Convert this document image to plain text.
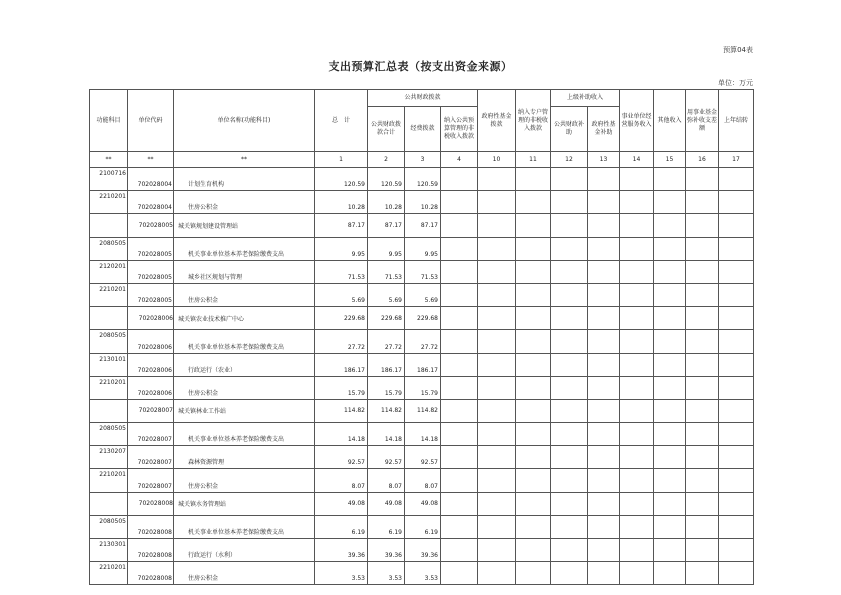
预算04表
支出预算汇总表（按支出资金来源）
单位：万元
功能科目	单位代码	单位名称(功能科目)	总　计	公共财政拨款			政府性基金拨款	纳入专户管理的非税收入拨款	上级补助收入		事业单位经营服务收入	其他收入	用事业基金弥补收支差额	上年结转
				公共财政拨款合计	经费拨款	纳入公共预算管理的非税收入拨款			公共财政补助	政府性基金补助				
**	**	**	1	2	3	4	10	11	12	13	14	15	16	17
2100716	702028004	计划生育机构	120.59	120.59	120.59									
2210201	702028004	住房公积金	10.28	10.28	10.28									
	702028005	城关镇规划建设管理站	87.17	87.17	87.17									
2080505	702028005	机关事业单位基本养老保险缴费支出	9.95	9.95	9.95									
2120201	702028005	城乡社区规划与管理	71.53	71.53	71.53									
2210201	702028005	住房公积金	5.69	5.69	5.69									
	702028006	城关镇农业技术推广中心	229.68	229.68	229.68									
2080505	702028006	机关事业单位基本养老保险缴费支出	27.72	27.72	27.72									
2130101	702028006	行政运行（农业）	186.17	186.17	186.17									
2210201	702028006	住房公积金	15.79	15.79	15.79									
	702028007	城关镇林业工作站	114.82	114.82	114.82									
2080505	702028007	机关事业单位基本养老保险缴费支出	14.18	14.18	14.18									
2130207	702028007	森林资源管理	92.57	92.57	92.57									
2210201	702028007	住房公积金	8.07	8.07	8.07									
	702028008	城关镇水务管理站	49.08	49.08	49.08									
2080505	702028008	机关事业单位基本养老保险缴费支出	6.19	6.19	6.19									
2130301	702028008	行政运行（水利）	39.36	39.36	39.36									
2210201	702028008	住房公积金	3.53	3.53	3.53									
